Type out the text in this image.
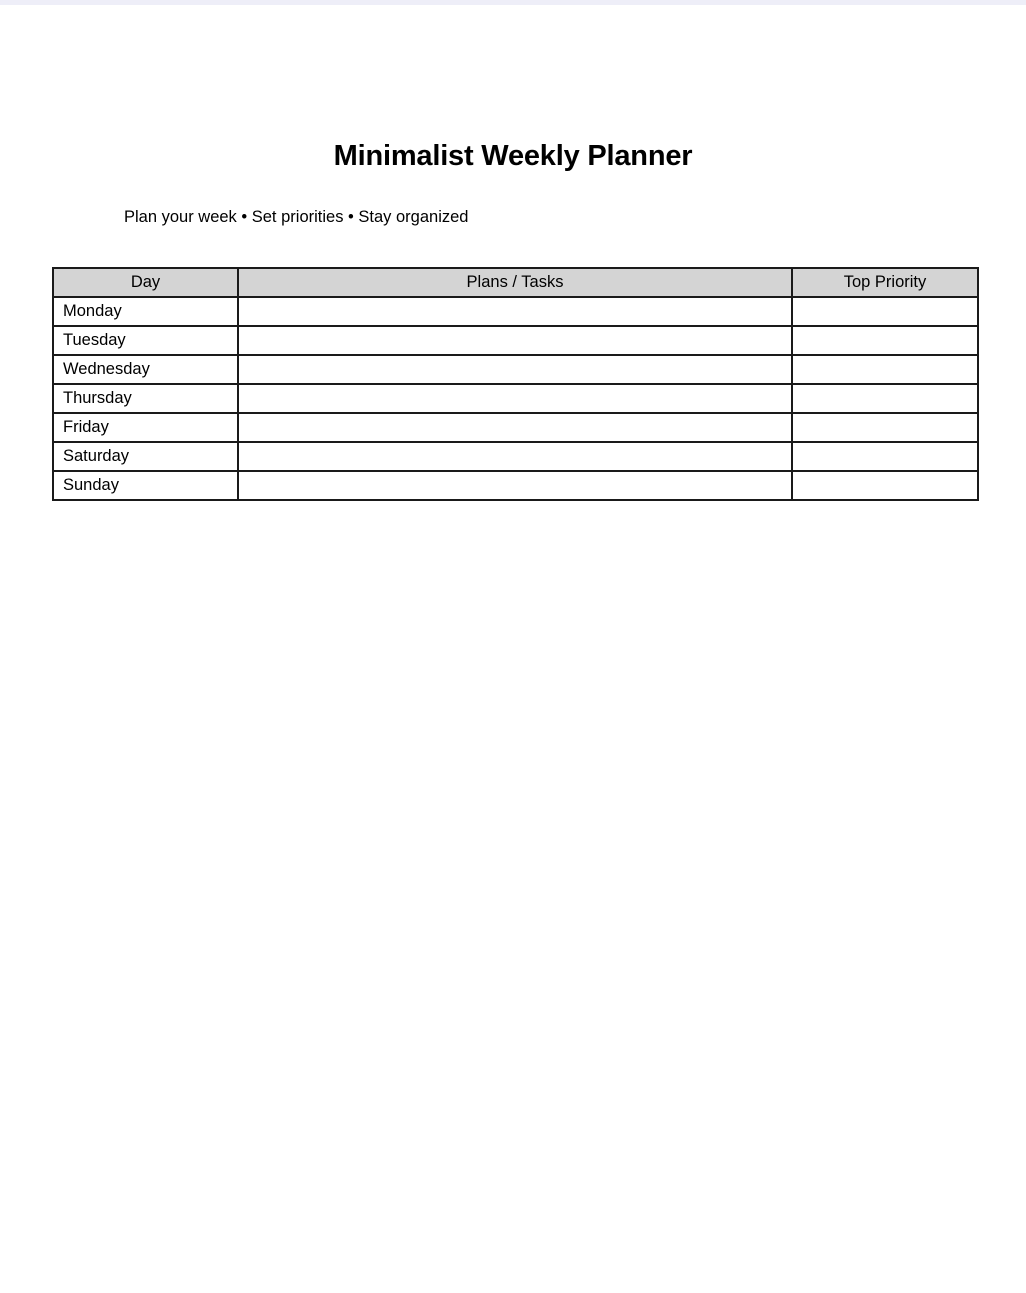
Minimalist Weekly Planner
Plan your week • Set priorities • Stay organized
Day	Plans / Tasks	Top Priority
Monday		
Tuesday		
Wednesday		
Thursday		
Friday		
Saturday		
Sunday		
